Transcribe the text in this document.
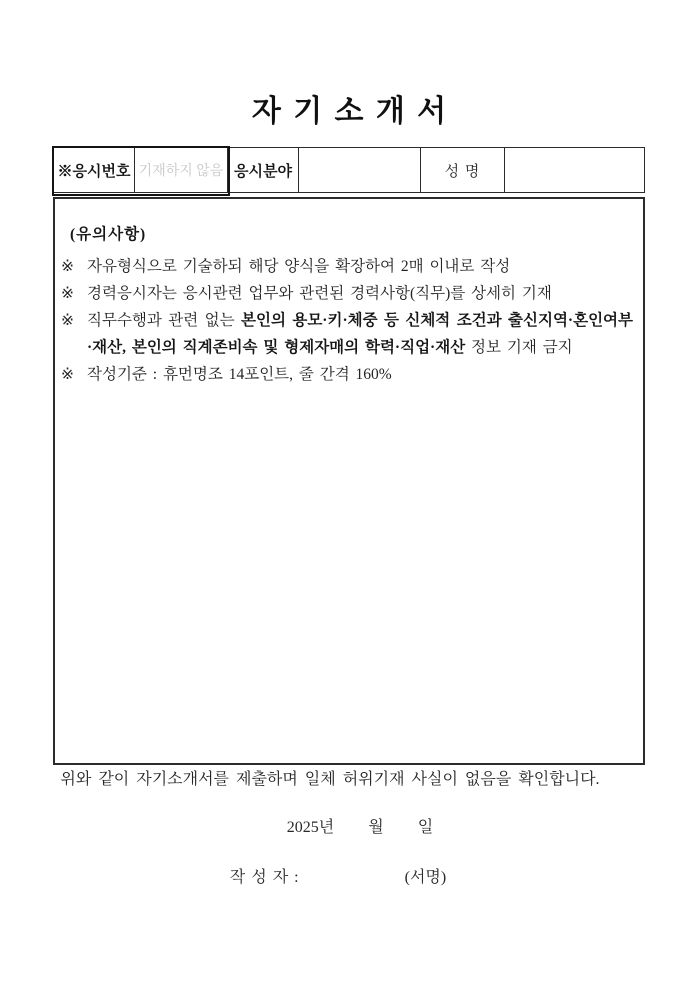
자 기 소 개 서
※응시번호 기재하지 않음 응시분야	성 명
(유의사항)
※ 자유형식으로 기술하되 해당 양식을 확장하여 2매 이내로 작성
※ 경력응시자는 응시관련 업무와 관련된 경력사항(직무)를 상세히 기재
※ 직무수행과 관련 없는 본인의 용모·키·체중 등 신체적 조건과 출신지역·혼인여부·재산, 본인의 직계존비속 및 형제자매의 학력·직업·재산 정보 기재 금지
※ 작성기준 : 휴먼명조 14포인트, 줄 간격 160%
위와 같이 자기소개서를 제출하며 일체 허위기재 사실이 없음을 확인합니다.
2025년 월 일
작 성 자 :	(서명)
